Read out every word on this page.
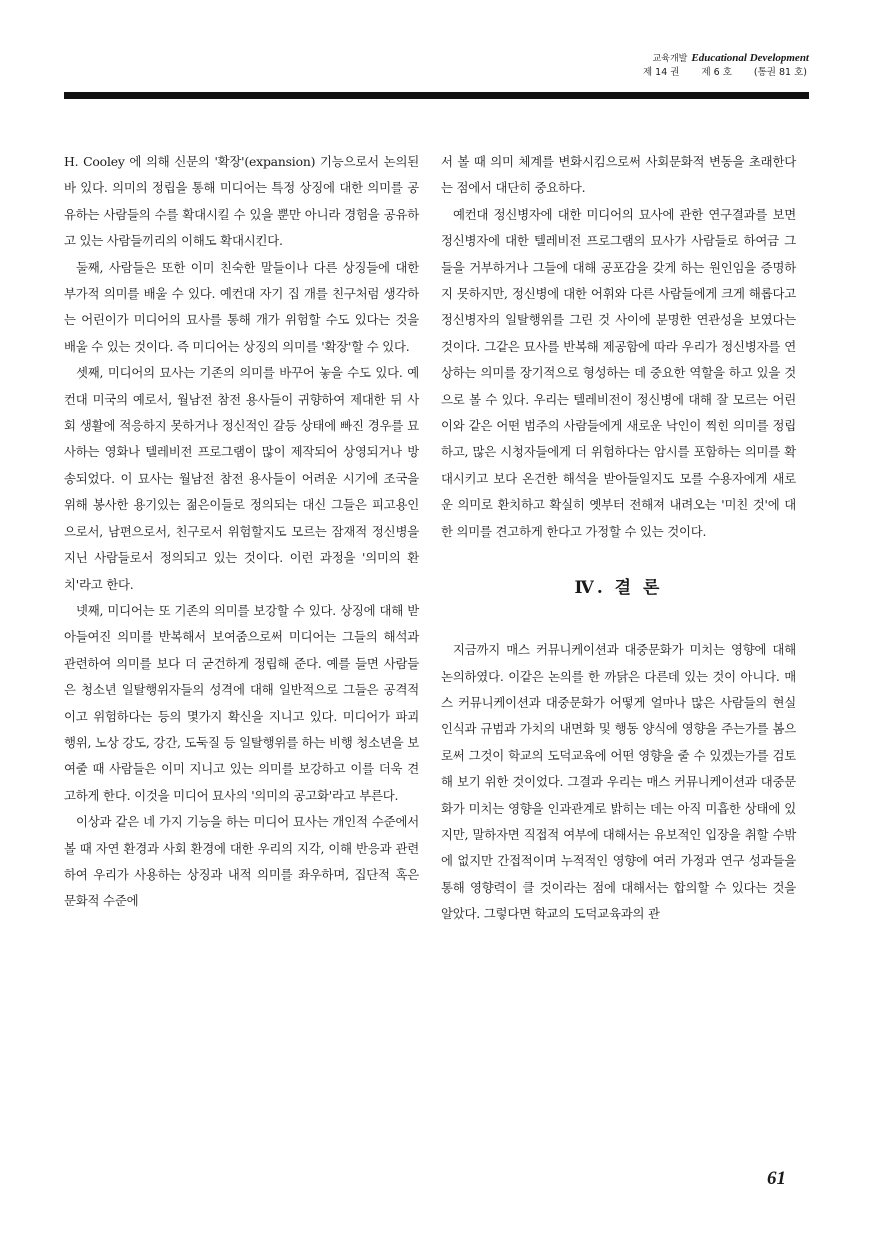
교육개발 Educational Development
제 14 권 제 6 호 (통권 81 호)

H. Cooley 에 의해 신문의 '확장'(expansion) 기능으로서 논의된 바 있다. 의미의 정립을 통해 미디어는 특정 상징에 대한 의미를 공유하는 사람들의 수를 확대시킬 수 있을 뿐만 아니라 경험을 공유하고 있는 사람들끼리의 이해도 확대시킨다.

둘째, 사람들은 또한 이미 친숙한 말들이나 다른 상징들에 대한 부가적 의미를 배울 수 있다. 예컨대 자기 집 개를 친구처럼 생각하는 어린이가 미디어의 묘사를 통해 개가 위험할 수도 있다는 것을 배울 수 있는 것이다. 즉 미디어는 상징의 의미를 '확장'할 수 있다.

셋째, 미디어의 묘사는 기존의 의미를 바꾸어 놓을 수도 있다. 예컨대 미국의 예로서, 월남전 참전 용사들이 귀향하여 제대한 뒤 사회 생활에 적응하지 못하거나 정신적인 갈등 상태에 빠진 경우를 묘사하는 영화나 텔레비전 프로그램이 많이 제작되어 상영되거나 방송되었다. 이 묘사는 월남전 참전 용사들이 어려운 시기에 조국을 위해 봉사한 용기있는 젊은이들로 정의되는 대신 그들은 피고용인으로서, 남편으로서, 친구로서 위험할지도 모르는 잠재적 정신병을 지닌 사람들로서 정의되고 있는 것이다. 이런 과정을 '의미의 환치'라고 한다.

넷째, 미디어는 또 기존의 의미를 보강할 수 있다. 상징에 대해 받아들여진 의미를 반복해서 보여줌으로써 미디어는 그들의 해석과 관련하여 의미를 보다 더 굳건하게 정립해 준다. 예를 들면 사람들은 청소년 일탈행위자들의 성격에 대해 일반적으로 그들은 공격적이고 위험하다는 등의 몇가지 확신을 지니고 있다. 미디어가 파괴 행위, 노상 강도, 강간, 도둑질 등 일탈행위를 하는 비행 청소년을 보여줄 때 사람들은 이미 지니고 있는 의미를 보강하고 이를 더욱 견고하게 한다. 이것을 미디어 묘사의 '의미의 공고화'라고 부른다.

이상과 같은 네 가지 기능을 하는 미디어 묘사는 개인적 수준에서 볼 때 자연 환경과 사회 환경에 대한 우리의 지각, 이해 반응과 관련하여 우리가 사용하는 상징과 내적 의미를 좌우하며, 집단적 혹은 문화적 수준에

서 볼 때 의미 체계를 변화시킴으로써 사회문화적 변동을 초래한다는 점에서 대단히 중요하다.

예컨대 정신병자에 대한 미디어의 묘사에 관한 연구결과를 보면 정신병자에 대한 텔레비전 프로그램의 묘사가 사람들로 하여금 그들을 거부하거나 그들에 대해 공포감을 갖게 하는 원인임을 증명하지 못하지만, 정신병에 대한 어휘와 다른 사람들에게 크게 해롭다고 정신병자의 일탈행위를 그린 것 사이에 분명한 연관성을 보였다는 것이다. 그같은 묘사를 반복해 제공함에 따라 우리가 정신병자를 연상하는 의미를 장기적으로 형성하는 데 중요한 역할을 하고 있을 것으로 볼 수 있다. 우리는 텔레비전이 정신병에 대해 잘 모르는 어린이와 같은 어떤 범주의 사람들에게 새로운 낙인이 찍힌 의미를 정립하고, 많은 시청자들에게 더 위험하다는 암시를 포함하는 의미를 확대시키고 보다 온건한 해석을 받아들일지도 모를 수용자에게 새로운 의미로 환치하고 확실히 옛부터 전해져 내려오는 '미친 것'에 대한 의미를 견고하게 한다고 가정할 수 있는 것이다.

Ⅳ. 결 론

지금까지 매스 커뮤니케이션과 대중문화가 미치는 영향에 대해 논의하였다. 이같은 논의를 한 까닭은 다른데 있는 것이 아니다. 매스 커뮤니케이션과 대중문화가 어떻게 얼마나 많은 사람들의 현실 인식과 규범과 가치의 내면화 및 행동 양식에 영향을 주는가를 봄으로써 그것이 학교의 도덕교육에 어떤 영향을 줄 수 있겠는가를 검토해 보기 위한 것이었다. 그결과 우리는 매스 커뮤니케이션과 대중문화가 미치는 영향을 인과관계로 밝히는 데는 아직 미흡한 상태에 있지만, 말하자면 직접적 여부에 대해서는 유보적인 입장을 취할 수밖에 없지만 간접적이며 누적적인 영향에 여러 가정과 연구 성과들을 통해 영향력이 클 것이라는 점에 대해서는 합의할 수 있다는 것을 알았다. 그렇다면 학교의 도덕교육과의 관

61
